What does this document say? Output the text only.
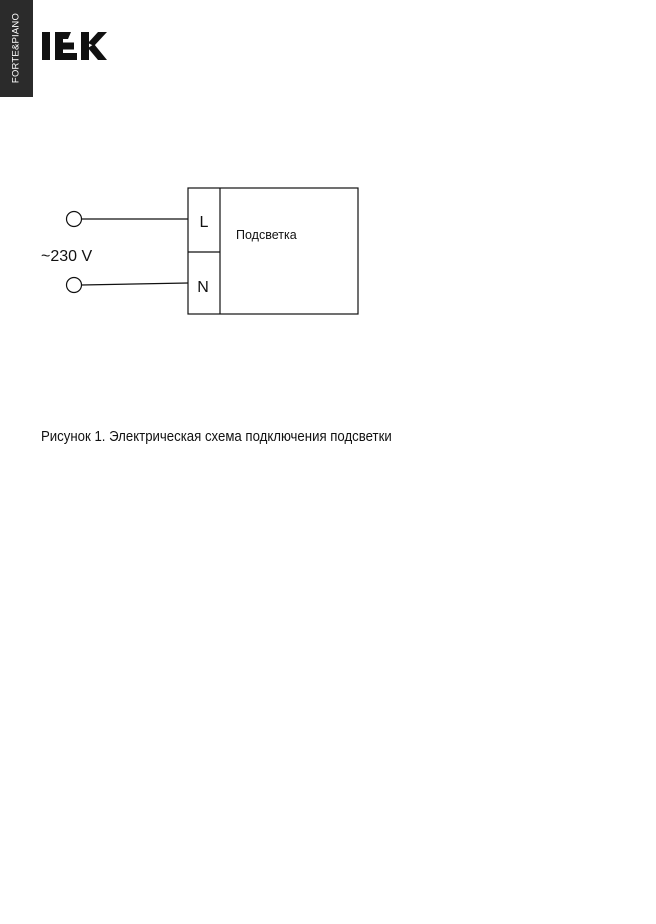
FORTE&PIANO
L
N
Подсветка
~230 V
Рисунок 1. Электрическая схема подключения подсветки
